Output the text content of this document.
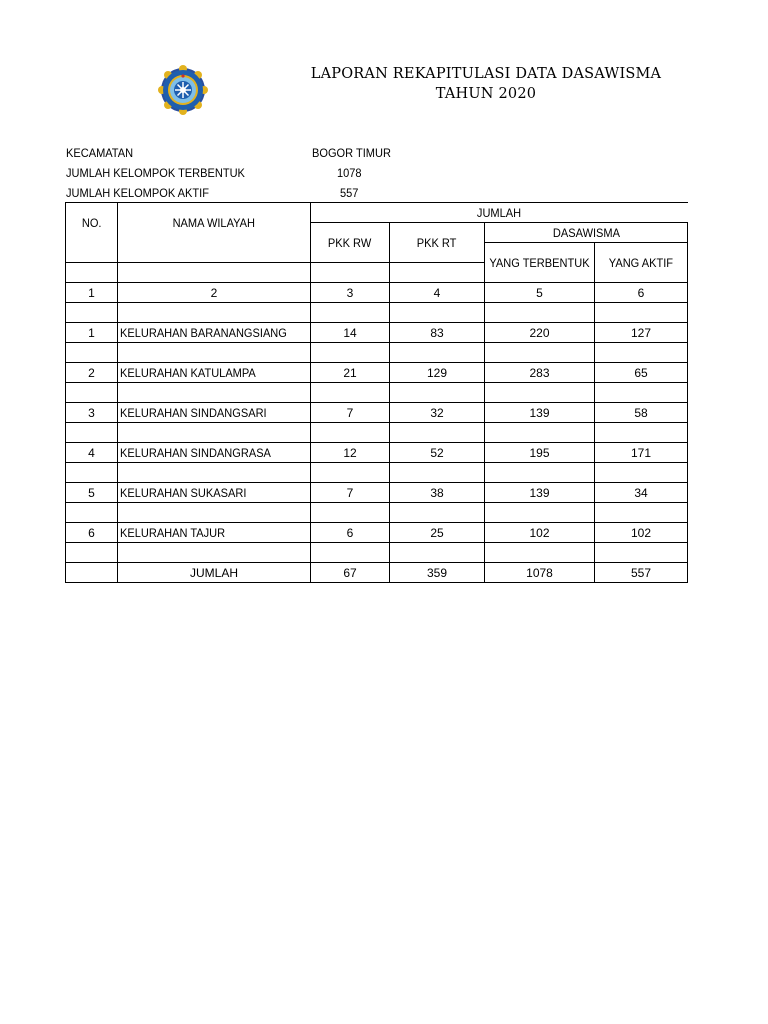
LAPORAN REKAPITULASI DATA DASAWISMA
TAHUN 2020
KECAMATAN	BOGOR TIMUR
JUMLAH KELOMPOK TERBENTUK	1078
JUMLAH KELOMPOK AKTIF	557
NO.	NAMA WILAYAH	JUMLAH			
		PKK RW	PKK RT	DASAWISMA	
				YANG TERBENTUK	YANG AKTIF

1	2	3	4	5	6

1	KELURAHAN BARANANGSIANG	14	83	220	127

2	KELURAHAN KATULAMPA	21	129	283	65

3	KELURAHAN SINDANGSARI	7	32	139	58

4	KELURAHAN SINDANGRASA	12	52	195	171

5	KELURAHAN SUKASARI	7	38	139	34

6	KELURAHAN TAJUR	6	25	102	102

	JUMLAH	67	359	1078	557
